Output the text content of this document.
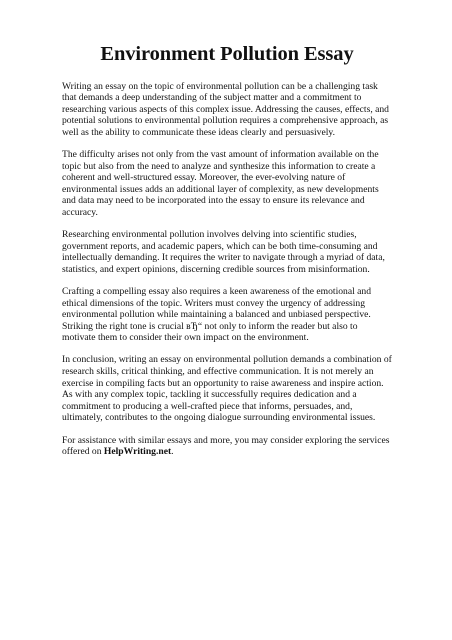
Environment Pollution Essay

Writing an essay on the topic of environmental pollution can be a challenging task that demands a deep understanding of the subject matter and a commitment to researching various aspects of this complex issue. Addressing the causes, effects, and potential solutions to environmental pollution requires a comprehensive approach, as well as the ability to communicate these ideas clearly and persuasively.

The difficulty arises not only from the vast amount of information available on the topic but also from the need to analyze and synthesize this information to create a coherent and well-structured essay. Moreover, the ever-evolving nature of environmental issues adds an additional layer of complexity, as new developments and data may need to be incorporated into the essay to ensure its relevance and accuracy.

Researching environmental pollution involves delving into scientific studies, government reports, and academic papers, which can be both time-consuming and intellectually demanding. It requires the writer to navigate through a myriad of data, statistics, and expert opinions, discerning credible sources from misinformation.

Crafting a compelling essay also requires a keen awareness of the emotional and ethical dimensions of the topic. Writers must convey the urgency of addressing environmental pollution while maintaining a balanced and unbiased perspective. Striking the right tone is crucial вЂ“ not only to inform the reader but also to motivate them to consider their own impact on the environment.

In conclusion, writing an essay on environmental pollution demands a combination of research skills, critical thinking, and effective communication. It is not merely an exercise in compiling facts but an opportunity to raise awareness and inspire action. As with any complex topic, tackling it successfully requires dedication and a commitment to producing a well-crafted piece that informs, persuades, and, ultimately, contributes to the ongoing dialogue surrounding environmental issues.

For assistance with similar essays and more, you may consider exploring the services offered on HelpWriting.net.
